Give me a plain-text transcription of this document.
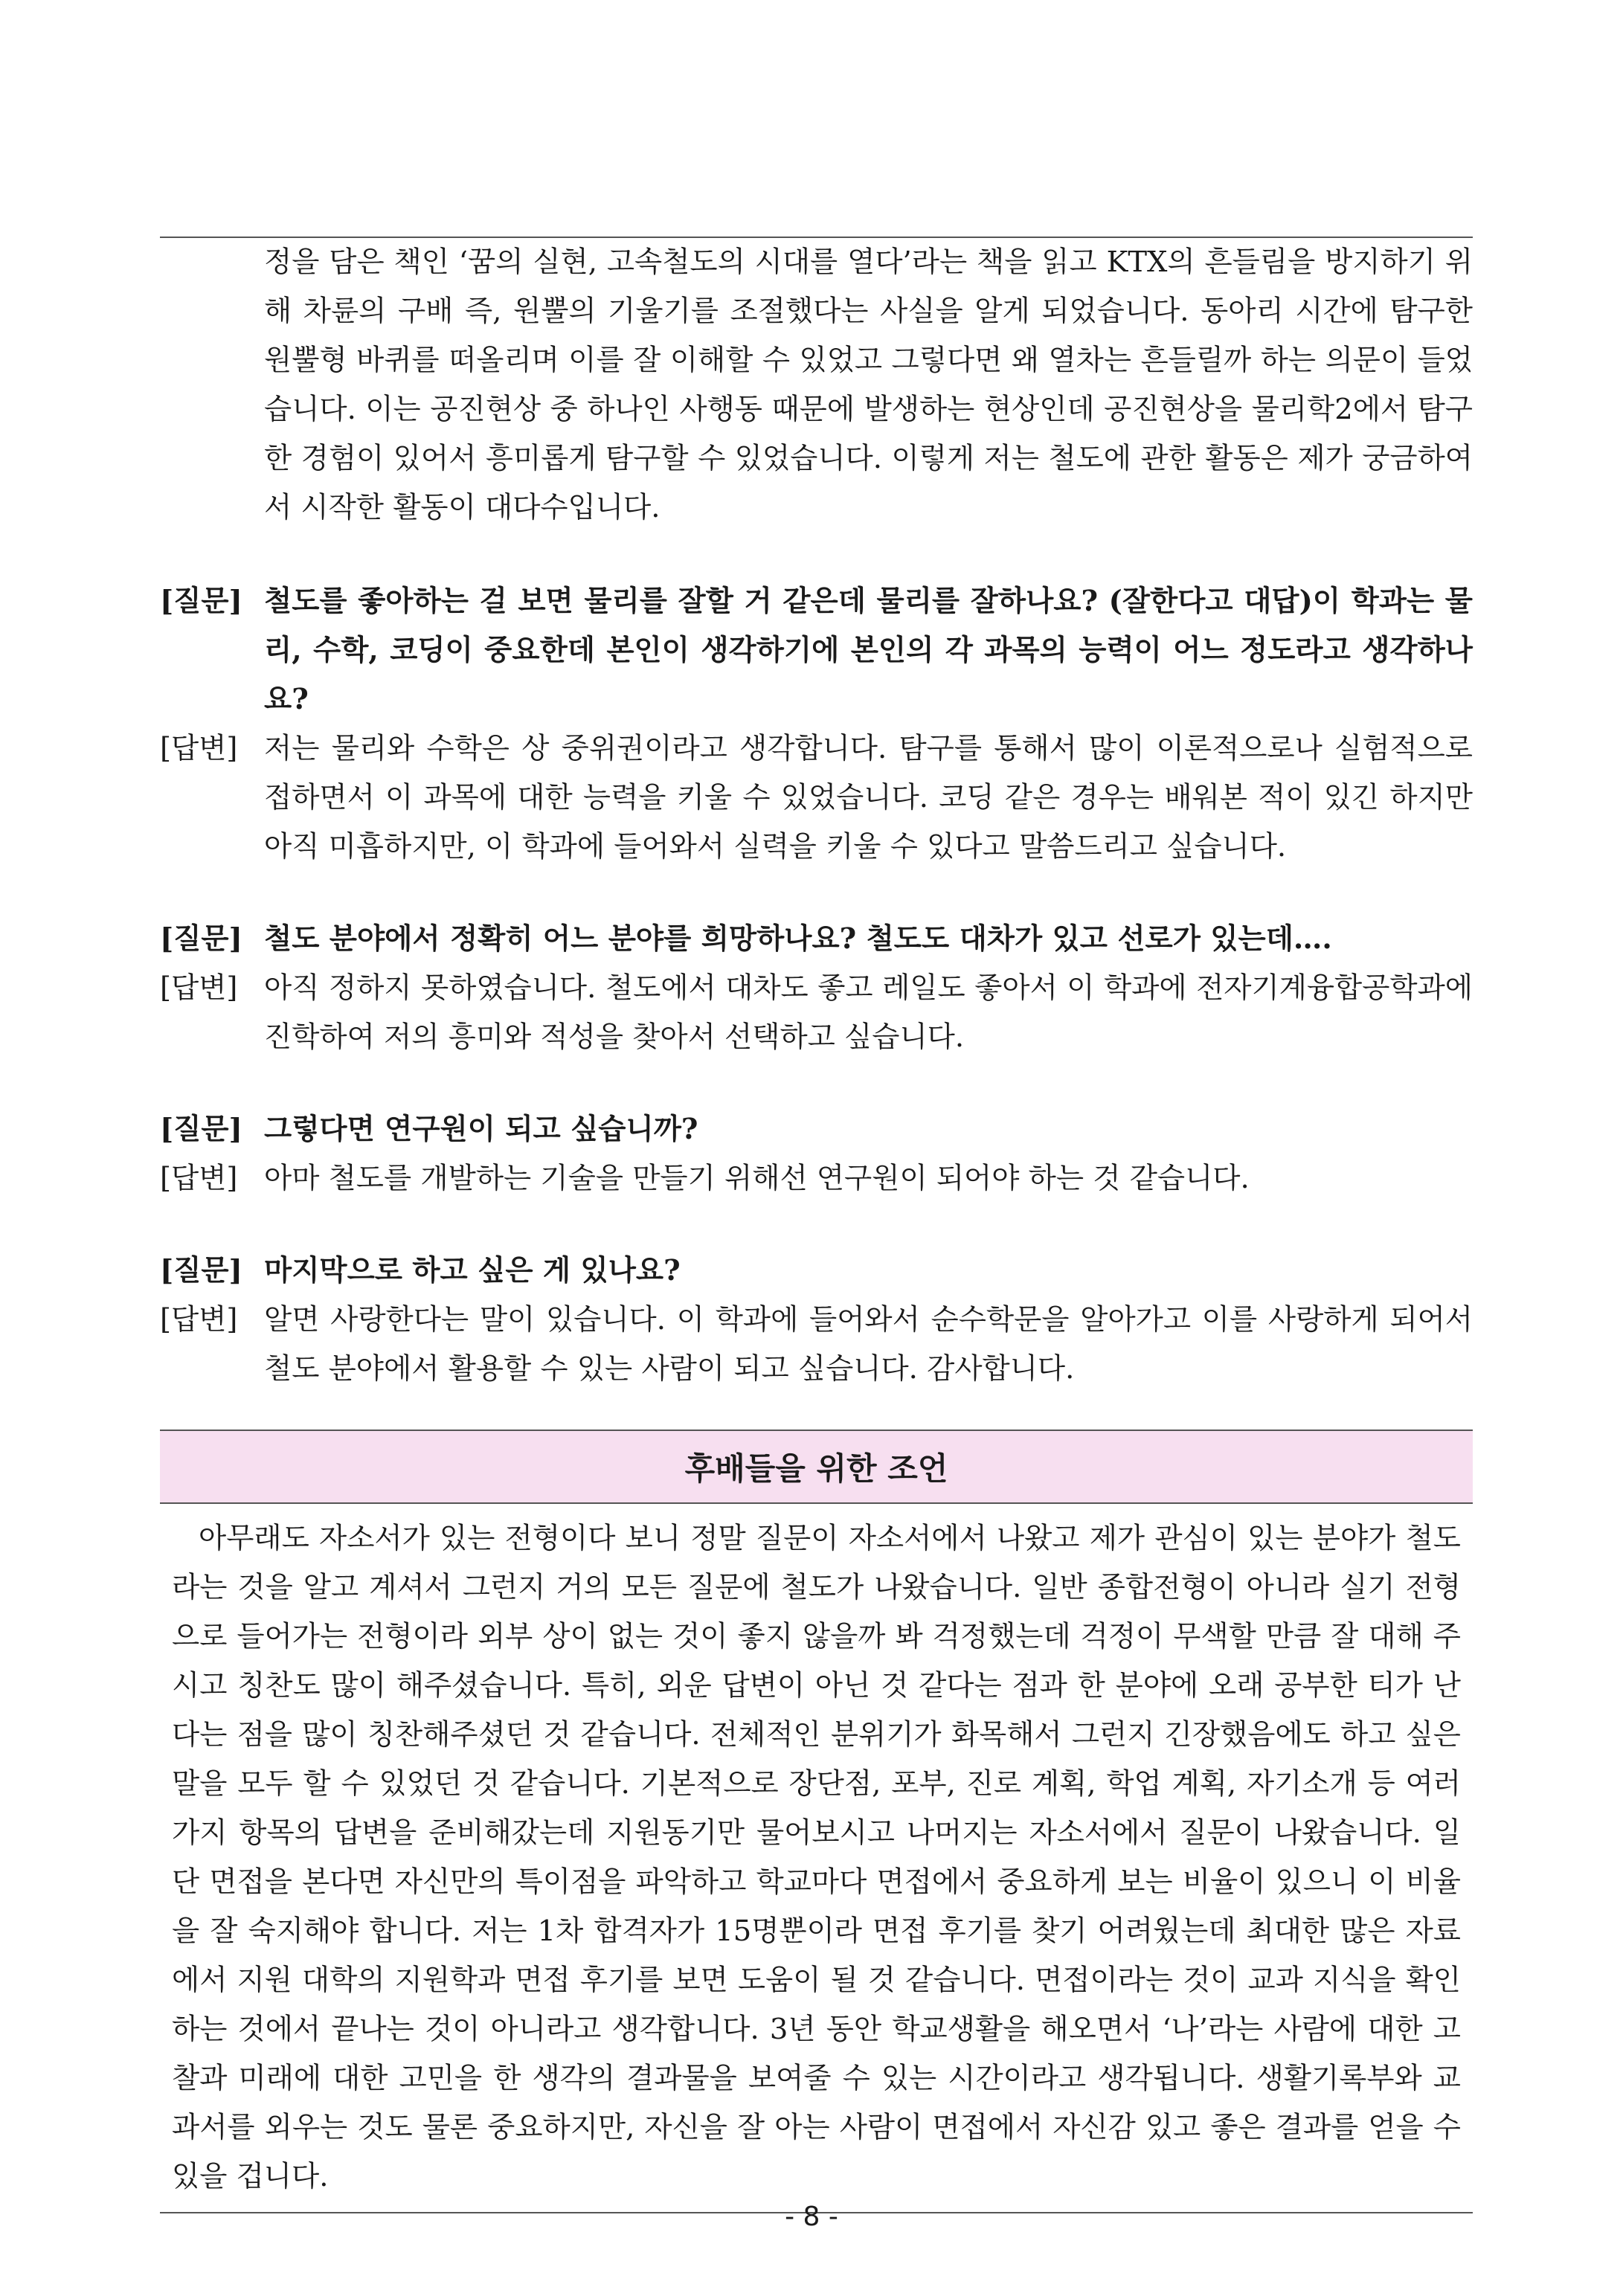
정을 담은 책인 ‘꿈의 실현, 고속철도의 시대를 열다’라는 책을 읽고 KTX의 흔들림을 방지하기 위해 차륜의 구배 즉, 원뿔의 기울기를 조절했다는 사실을 알게 되었습니다. 동아리 시간에 탐구한 원뿔형 바퀴를 떠올리며 이를 잘 이해할 수 있었고 그렇다면 왜 열차는 흔들릴까 하는 의문이 들었습니다. 이는 공진현상 중 하나인 사행동 때문에 발생하는 현상인데 공진현상을 물리학2에서 탐구한 경험이 있어서 흥미롭게 탐구할 수 있었습니다. 이렇게 저는 철도에 관한 활동은 제가 궁금하여서 시작한 활동이 대다수입니다.
[질문] 철도를 좋아하는 걸 보면 물리를 잘할 거 같은데 물리를 잘하나요? (잘한다고 대답)이 학과는 물리, 수학, 코딩이 중요한데 본인이 생각하기에 본인의 각 과목의 능력이 어느 정도라고 생각하나요?
[답변] 저는 물리와 수학은 상 중위권이라고 생각합니다. 탐구를 통해서 많이 이론적으로나 실험적으로 접하면서 이 과목에 대한 능력을 키울 수 있었습니다. 코딩 같은 경우는 배워본 적이 있긴 하지만 아직 미흡하지만, 이 학과에 들어와서 실력을 키울 수 있다고 말씀드리고 싶습니다.
[질문] 철도 분야에서 정확히 어느 분야를 희망하나요? 철도도 대차가 있고 선로가 있는데….
[답변] 아직 정하지 못하였습니다. 철도에서 대차도 좋고 레일도 좋아서 이 학과에 전자기계융합공학과에 진학하여 저의 흥미와 적성을 찾아서 선택하고 싶습니다.
[질문] 그렇다면 연구원이 되고 싶습니까?
[답변] 아마 철도를 개발하는 기술을 만들기 위해선 연구원이 되어야 하는 것 같습니다.
[질문] 마지막으로 하고 싶은 게 있나요?
[답변] 알면 사랑한다는 말이 있습니다. 이 학과에 들어와서 순수학문을 알아가고 이를 사랑하게 되어서 철도 분야에서 활용할 수 있는 사람이 되고 싶습니다. 감사합니다.
후배들을 위한 조언
아무래도 자소서가 있는 전형이다 보니 정말 질문이 자소서에서 나왔고 제가 관심이 있는 분야가 철도라는 것을 알고 계셔서 그런지 거의 모든 질문에 철도가 나왔습니다. 일반 종합전형이 아니라 실기 전형으로 들어가는 전형이라 외부 상이 없는 것이 좋지 않을까 봐 걱정했는데 걱정이 무색할 만큼 잘 대해 주시고 칭찬도 많이 해주셨습니다. 특히, 외운 답변이 아닌 것 같다는 점과 한 분야에 오래 공부한 티가 난다는 점을 많이 칭찬해주셨던 것 같습니다. 전체적인 분위기가 화목해서 그런지 긴장했음에도 하고 싶은 말을 모두 할 수 있었던 것 같습니다. 기본적으로 장단점, 포부, 진로 계획, 학업 계획, 자기소개 등 여러 가지 항목의 답변을 준비해갔는데 지원동기만 물어보시고 나머지는 자소서에서 질문이 나왔습니다. 일단 면접을 본다면 자신만의 특이점을 파악하고 학교마다 면접에서 중요하게 보는 비율이 있으니 이 비율을 잘 숙지해야 합니다. 저는 1차 합격자가 15명뿐이라 면접 후기를 찾기 어려웠는데 최대한 많은 자료에서 지원 대학의 지원학과 면접 후기를 보면 도움이 될 것 같습니다. 면접이라는 것이 교과 지식을 확인하는 것에서 끝나는 것이 아니라고 생각합니다. 3년 동안 학교생활을 해오면서 ‘나’라는 사람에 대한 고찰과 미래에 대한 고민을 한 생각의 결과물을 보여줄 수 있는 시간이라고 생각됩니다. 생활기록부와 교과서를 외우는 것도 물론 중요하지만, 자신을 잘 아는 사람이 면접에서 자신감 있고 좋은 결과를 얻을 수 있을 겁니다.
- 8 -
